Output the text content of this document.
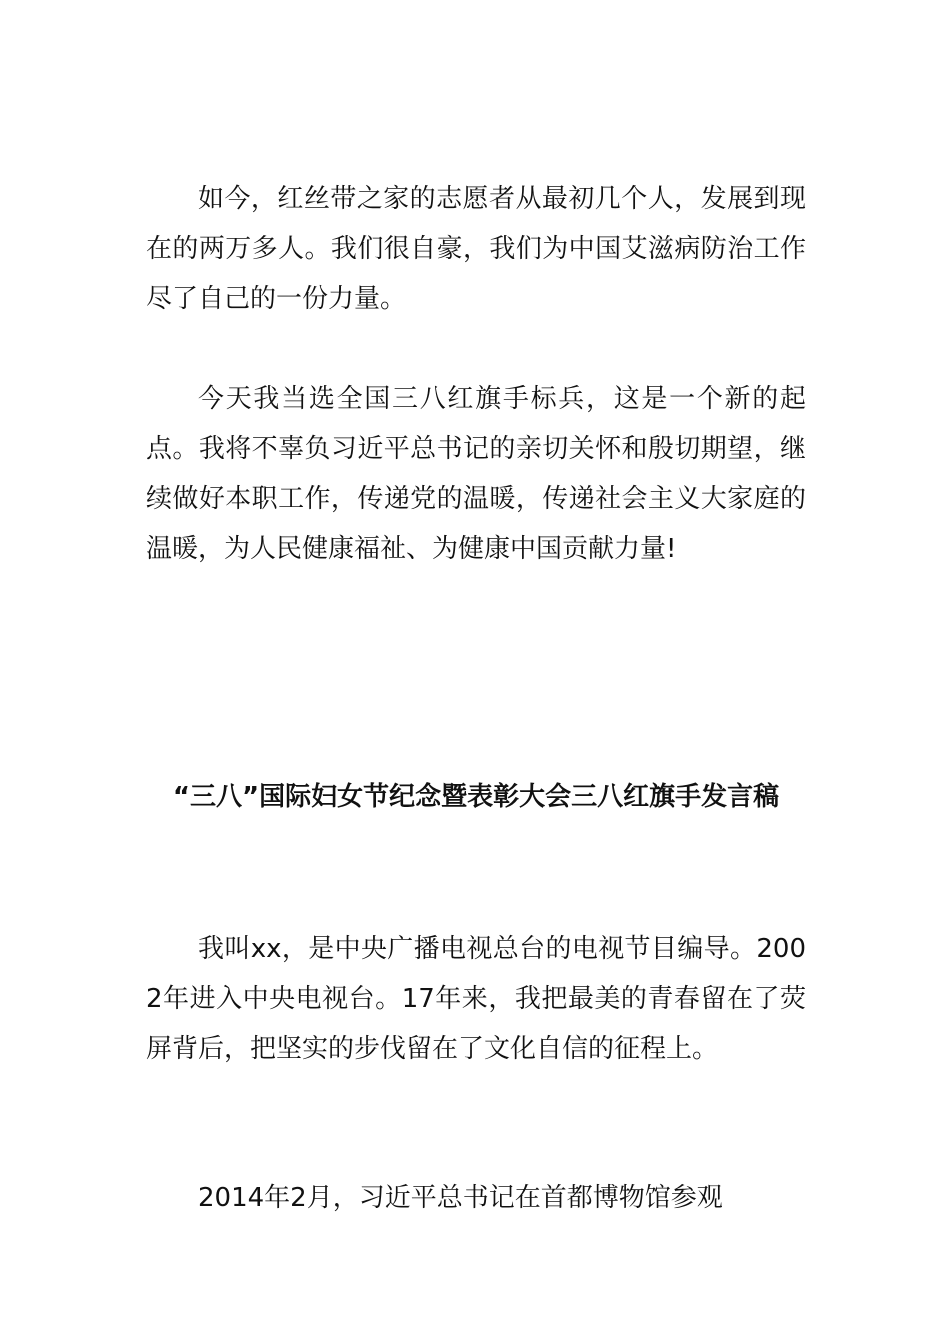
如今，红丝带之家的志愿者从最初几个人，发展到现在的两万多人。我们很自豪，我们为中国艾滋病防治工作尽了自己的一份力量。

今天我当选全国三八红旗手标兵，这是一个新的起点。我将不辜负习近平总书记的亲切关怀和殷切期望，继续做好本职工作，传递党的温暖，传递社会主义大家庭的温暖，为人民健康福祉、为健康中国贡献力量!

“三八”国际妇女节纪念暨表彰大会三八红旗手发言稿

我叫xx，是中央广播电视总台的电视节目编导。2002年进入中央电视台。17年来，我把最美的青春留在了荧屏背后，把坚实的步伐留在了文化自信的征程上。

2014年2月，习近平总书记在首都博物馆参观
